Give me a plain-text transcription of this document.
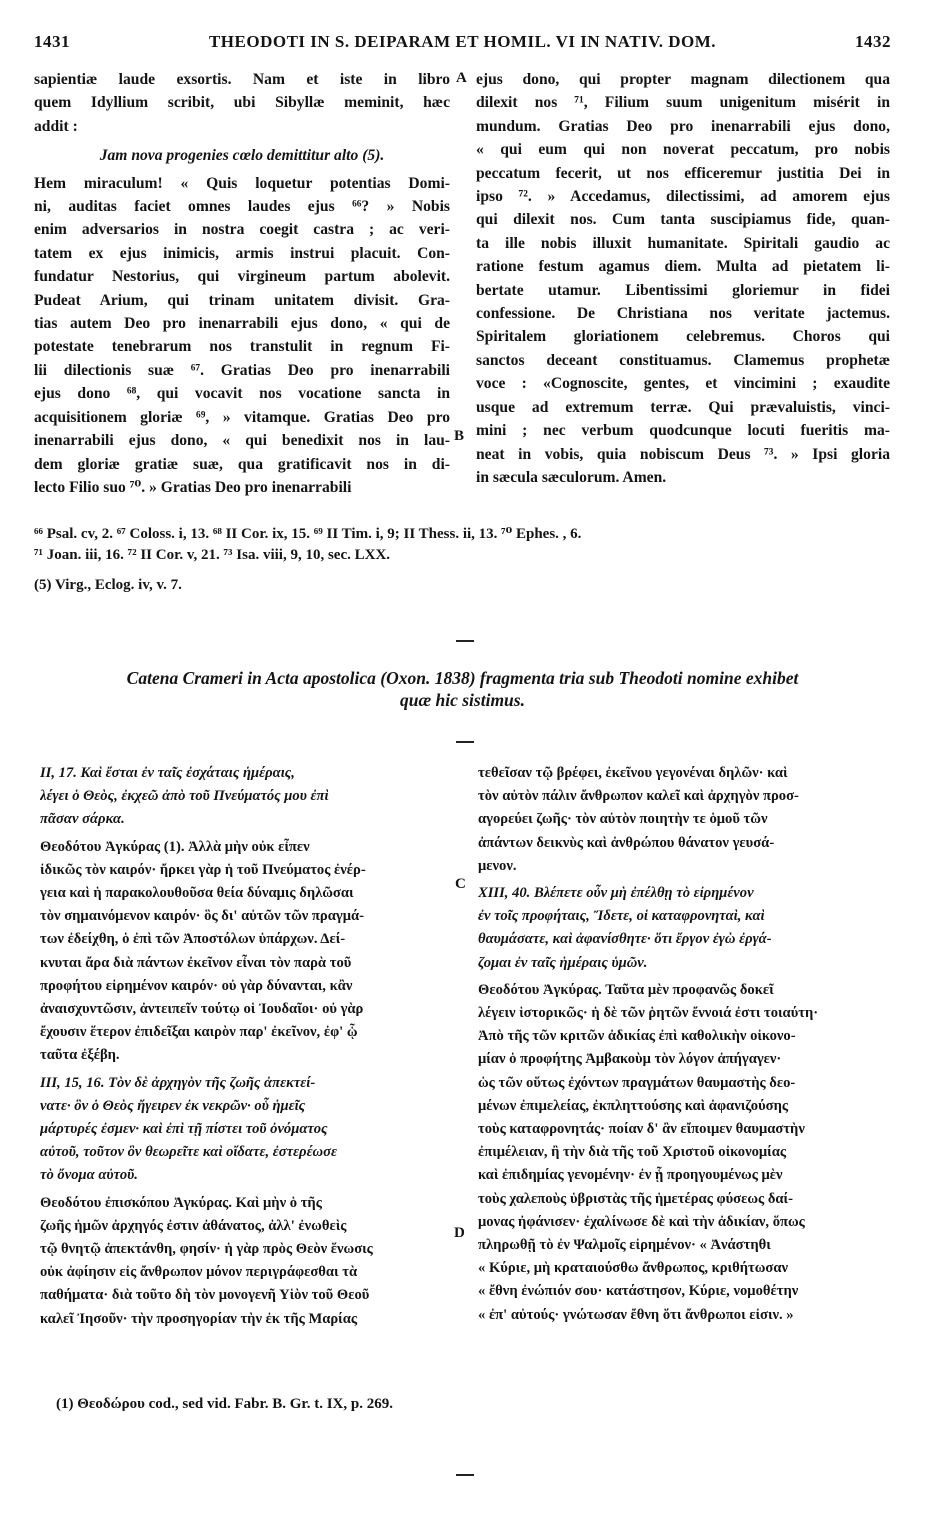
1431	THEODOTI IN S. DEIPARAM ET HOMIL. VI IN NATIV. DOM.	1432
sapientiæ laude exsortis. Nam et iste in libro
quem Idyllium scribit, ubi Sibyllæ meminit, hæc
addit :
Jam nova progenies cœlo demittitur alto (5).
Hem miraculum! « Quis loquetur potentias Domi-
ni, auditas faciet omnes laudes ejus ⁶⁶? » Nobis
enim adversarios in nostra coegit castra ; ac veri-
tatem ex ejus inimicis, armis instrui placuit. Con-
fundatur Nestorius, qui virgineum partum abolevit.
Pudeat Arium, qui trinam unitatem divisit. Gra-
tias autem Deo pro inenarrabili ejus dono, « qui de
potestate tenebrarum nos transtulit in regnum Fi-
lii dilectionis suæ ⁶⁷. Gratias Deo pro inenarrabili
ejus dono ⁶⁸, qui vocavit nos vocatione sancta in
acquisitionem gloriæ ⁶⁹, » vitamque. Gratias Deo pro
inenarrabili ejus dono, « qui benedixit nos in lau-
dem gloriæ gratiæ suæ, qua gratificavit nos in di-
lecto Filio suo ⁷⁰. » Gratias Deo pro inenarrabili
ejus dono, qui propter magnam dilectionem qua
dilexit nos ⁷¹, Filium suum unigenitum misérit in
mundum. Gratias Deo pro inenarrabili ejus dono,
« qui eum qui non noverat peccatum, pro nobis
peccatum fecerit, ut nos efficeremur justitia Dei in
ipso ⁷². » Accedamus, dilectissimi, ad amorem ejus
qui dilexit nos. Cum tanta suscipiamus fide, quan-
ta ille nobis illuxit humanitate. Spiritali gaudio ac
ratione festum agamus diem. Multa ad pietatem li-
bertate utamur. Libentissimi gloriemur in fidei
confessione. De Christiana nos veritate jactemus.
Spiritalem gloriationem celebremus. Choros qui
sanctos deceant constituamus. Clamemus prophetæ
voce : «Cognoscite, gentes, et vincimini ; exaudite
usque ad extremum terræ. Qui prævaluistis, vinci-
mini ; nec verbum quodcunque locuti fueritis ma-
neat in vobis, quia nobiscum Deus ⁷³. » Ipsi gloria
in sæcula sæculorum. Amen.
A
B
⁶⁶ Psal. cv, 2. ⁶⁷ Coloss. i, 13. ⁶⁸ II Cor. ix, 15. ⁶⁹ II Tim. i, 9; II Thess. ii, 13. ⁷⁰ Ephes. , 6.
⁷¹ Joan. iii, 16. ⁷² II Cor. v, 21. ⁷³ Isa. viii, 9, 10, sec. LXX.
(5) Virg., Eclog. iv, v. 7.
Catena Crameri in Acta apostolica (Oxon. 1838) fragmenta tria sub Theodoti nomine exhibet
quæ hic sistimus.
II, 17. Καὶ ἔσται ἐν ταῖς ἐσχάταις ἡμέραις,
λέγει ὁ Θεὸς, ἐκχεῶ ἀπὸ τοῦ Πνεύματός μου ἐπὶ
πᾶσαν σάρκα.
Θεοδότου Ἀγκύρας (1). Ἀλλὰ μὴν οὐκ εἶπεν
ἰδικῶς τὸν καιρόν· ἤρκει γὰρ ἡ τοῦ Πνεύματος ἐνέρ-
γεια καὶ ἡ παρακολουθοῦσα θεία δύναμις δηλῶσαι
τὸν σημαινόμενον καιρόν· ὃς δι' αὐτῶν τῶν πραγμά-
των ἐδείχθη, ὁ ἐπὶ τῶν Ἀποστόλων ὑπάρχων. Δεί-
κνυται ἄρα διὰ πάντων ἐκεῖνον εἶναι τὸν παρὰ τοῦ
προφήτου εἰρημένον καιρόν· οὐ γὰρ δύνανται, κἂν
ἀναισχυντῶσιν, ἀντειπεῖν τούτῳ οἱ Ἰουδαῖοι· οὐ γὰρ
ἔχουσιν ἕτερον ἐπιδεῖξαι καιρὸν παρ' ἐκεῖνον, ἐφ' ᾧ
ταῦτα ἐξέβη.
III, 15, 16. Τὸν δὲ ἀρχηγὸν τῆς ζωῆς ἀπεκτεί-
νατε· ὃν ὁ Θεὸς ἤγειρεν ἐκ νεκρῶν· οὗ ἡμεῖς
μάρτυρές ἐσμεν· καὶ ἐπὶ τῇ πίστει τοῦ ὀνόματος
αὐτοῦ, τοῦτον ὃν θεωρεῖτε καὶ οἴδατε, ἐστερέωσε
τὸ ὄνομα αὐτοῦ.
Θεοδότου ἐπισκόπου Ἀγκύρας. Καὶ μὴν ὁ τῆς
ζωῆς ἡμῶν ἀρχηγός ἐστιν ἀθάνατος, ἀλλ' ἐνωθεὶς
τῷ θνητῷ ἀπεκτάνθη, φησίν· ἡ γὰρ πρὸς Θεὸν ἕνωσις
οὐκ ἀφίησιν εἰς ἄνθρωπον μόνον περιγράφεσθαι τὰ
παθήματα· διὰ τοῦτο δὴ τὸν μονογενῆ Υἱὸν τοῦ Θεοῦ
καλεῖ Ἰησοῦν· τὴν προσηγορίαν τὴν ἐκ τῆς Μαρίας
τεθεῖσαν τῷ βρέφει, ἐκεῖνου γεγονέναι δηλῶν· καὶ
τὸν αὐτὸν πάλιν ἄνθρωπον καλεῖ καὶ ἀρχηγὸν προσ-
αγορεύει ζωῆς· τὸν αὐτὸν ποιητὴν τε ὁμοῦ τῶν
ἀπάντων δεικνὺς καὶ ἀνθρώπου θάνατον γευσά-
μενον.
XIII, 40. Βλέπετε οὖν μὴ ἐπέλθῃ τὸ εἰρημένον
ἐν τοῖς προφήταις, Ἴδετε, οἱ καταφρονηταὶ, καὶ
θαυμάσατε, καὶ ἀφανίσθητε· ὅτι ἔργον ἐγὼ ἐργά-
ζομαι ἐν ταῖς ἡμέραις ὑμῶν.
Θεοδότου Ἀγκύρας. Ταῦτα μὲν προφανῶς δοκεῖ
λέγειν ἱστορικῶς· ἡ δὲ τῶν ῥητῶν ἔννοιά ἐστι τοιαύτη·
Ἀπὸ τῆς τῶν κριτῶν ἀδικίας ἐπὶ καθολικὴν οἰκονο-
μίαν ὁ προφήτης Ἀμβακοὺμ τὸν λόγον ἀπήγαγεν·
ὡς τῶν οὕτως ἐχόντων πραγμάτων θαυμαστὴς δεο-
μένων ἐπιμελείας, ἐκπληττούσης καὶ ἀφανιζούσης
τοὺς καταφρονητάς· ποίαν δ' ἂν εἴποιμεν θαυμαστὴν
ἐπιμέλειαν, ἢ τὴν διὰ τῆς τοῦ Χριστοῦ οἰκονομίας
καὶ ἐπιδημίας γενομένην· ἐν ᾗ προηγουμένως μὲν
τοὺς χαλεποὺς ὑβριστὰς τῆς ἡμετέρας φύσεως δαί-
μονας ἠφάνισεν· ἐχαλίνωσε δὲ καὶ τὴν ἀδικίαν, ὅπως
πληρωθῇ τὸ ἐν Ψαλμοῖς εἰρημένον· « Ἀνάστηθι
« Κύριε, μὴ κραταιούσθω ἄνθρωπος, κριθήτωσαν
« ἔθνη ἐνώπιόν σου· κατάστησον, Κύριε, νομοθέτην
« ἐπ' αὐτούς· γνώτωσαν ἔθνη ὅτι ἄνθρωποι εἰσιν. »
C
D
(1) Θεοδώρου cod., sed vid. Fabr. B. Gr. t. IX, p. 269.
